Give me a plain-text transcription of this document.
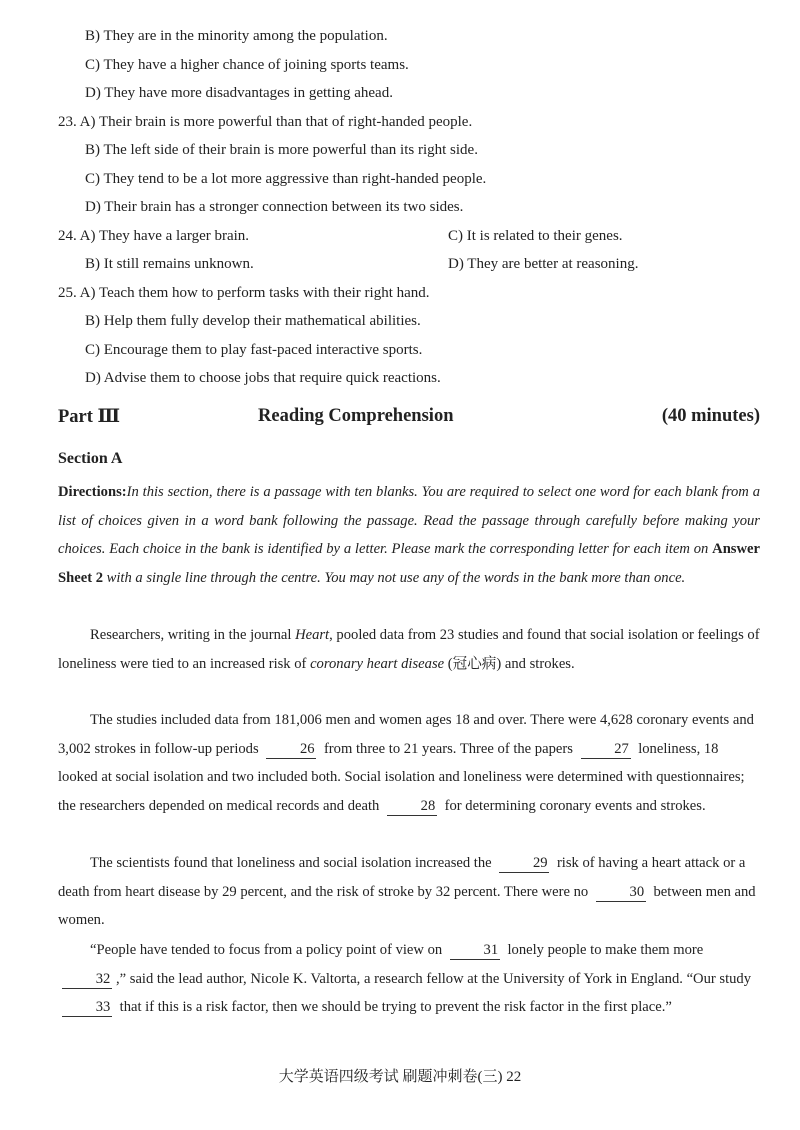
B) They are in the minority among the population.
C) They have a higher chance of joining sports teams.
D) They have more disadvantages in getting ahead.
23. A) Their brain is more powerful than that of right-handed people.
B) The left side of their brain is more powerful than its right side.
C) They tend to be a lot more aggressive than right-handed people.
D) Their brain has a stronger connection between its two sides.
24. A) They have a larger brain.	C) It is related to their genes.
B) It still remains unknown.	D) They are better at reasoning.
25. A) Teach them how to perform tasks with their right hand.
B) Help them fully develop their mathematical abilities.
C) Encourage them to play fast-paced interactive sports.
D) Advise them to choose jobs that require quick reactions.
Part Ⅲ	Reading Comprehension	(40 minutes)
Section A
Directions:In this section, there is a passage with ten blanks. You are required to select one word for each blank from a list of choices given in a word bank following the passage. Read the passage through carefully before making your choices. Each choice in the bank is identified by a letter. Please mark the corresponding letter for each item on Answer Sheet 2 with a single line through the centre. You may not use any of the words in the bank more than once.
Researchers, writing in the journal Heart, pooled data from 23 studies and found that social isolation or feelings of loneliness were tied to an increased risk of coronary heart disease (冠心病) and strokes.
The studies included data from 181,006 men and women ages 18 and over. There were 4,628 coronary events and 3,002 strokes in follow-up periods	26 from three to 21 years. Three of the papers	27 loneliness, 18 looked at social isolation and two included both. Social isolation and loneliness were determined with questionnaires; the researchers depended on medical records and death	28 for determining coronary events and strokes.
The scientists found that loneliness and social isolation increased the	29 risk of having a heart attack or a death from heart disease by 29 percent, and the risk of stroke by 32 percent. There were no	30 between men and women.
“People have tended to focus from a policy point of view on	31 lonely people to make them more 32 ,” said the lead author, Nicole K. Valtorta, a research fellow at the University of York in England. “Our study 33 that if this is a risk factor, then we should be trying to prevent the risk factor in the first place.”
大学英语四级考试 刷题冲刺卷(三) 22
